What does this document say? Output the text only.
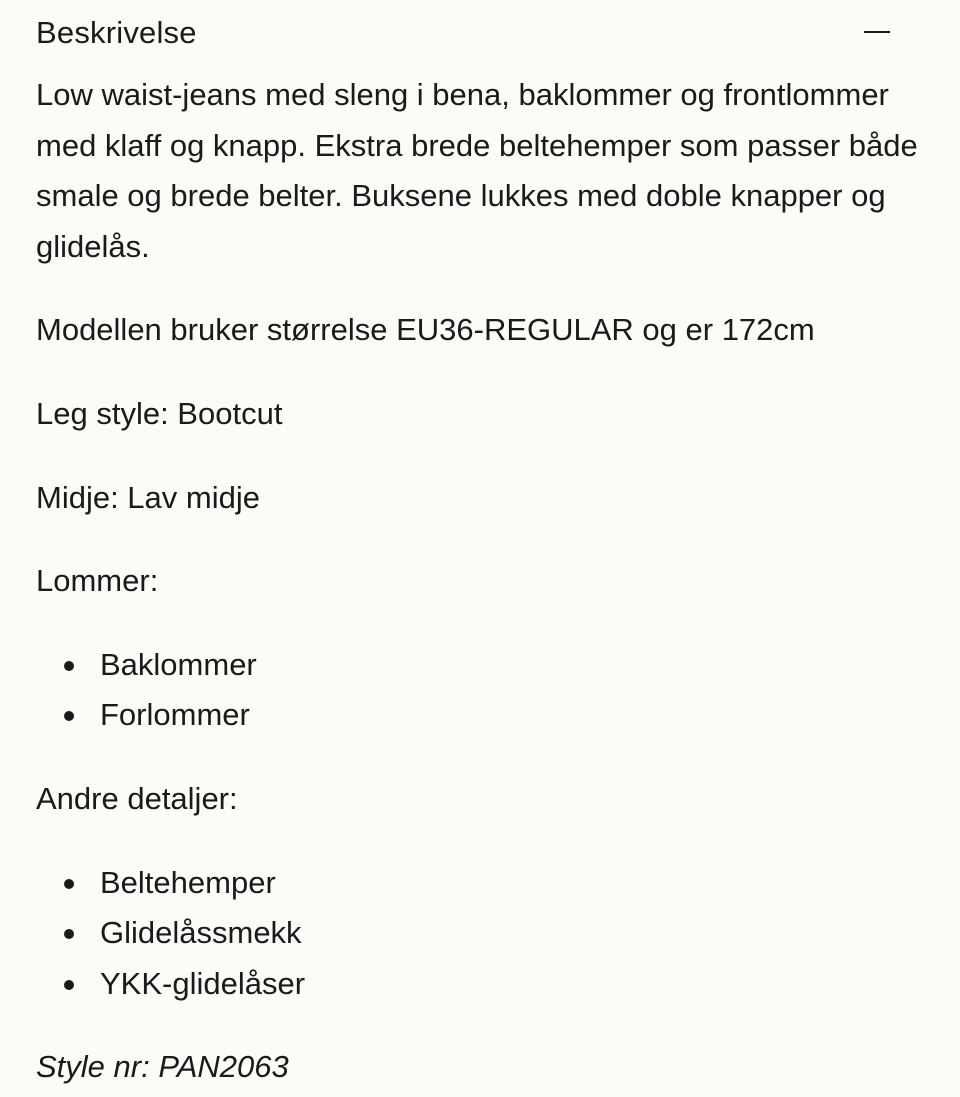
Beskrivelse

Low waist-jeans med sleng i bena, baklommer og frontlommer med klaff og knapp. Ekstra brede beltehemper som passer både smale og brede belter. Buksene lukkes med doble knapper og glidelås.

Modellen bruker størrelse EU36-REGULAR og er 172cm

Leg style: Bootcut

Midje: Lav midje

Lommer:

Baklommer
Forlommer

Andre detaljer:

Beltehemper
Glidelåssmekk
YKK-glidelåser

Style nr: PAN2063
